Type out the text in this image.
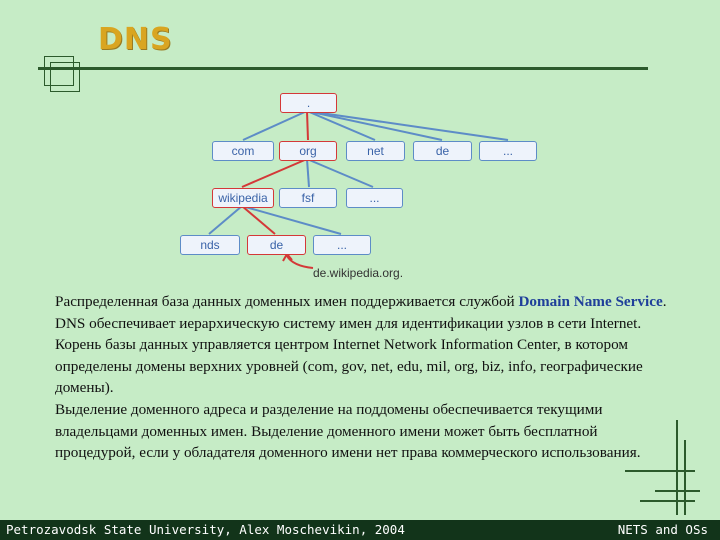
DNS
.
com	org	net	de	...
wikipedia	fsf	...
nds	de	...
de.wikipedia.org.

Распределенная база данных доменных имен поддерживается службой Domain Name Service. DNS обеспечивает иерархическую систему имен для идентификации узлов в сети Internet.

Корень базы данных управляется центром Internet Network Information Center, в котором определены домены верхних уровней (com, gov, net, edu, mil, org, biz, info, географические домены).

Выделение доменного адреса и разделение на поддомены обеспечивается текущими владельцами доменных имен. Выделение доменного имени может быть бесплатной процедурой, если у обладателя доменного имени нет права коммерческого использования.

Petrozavodsk State University, Alex Moschevikin, 2004	NETS and OSs
